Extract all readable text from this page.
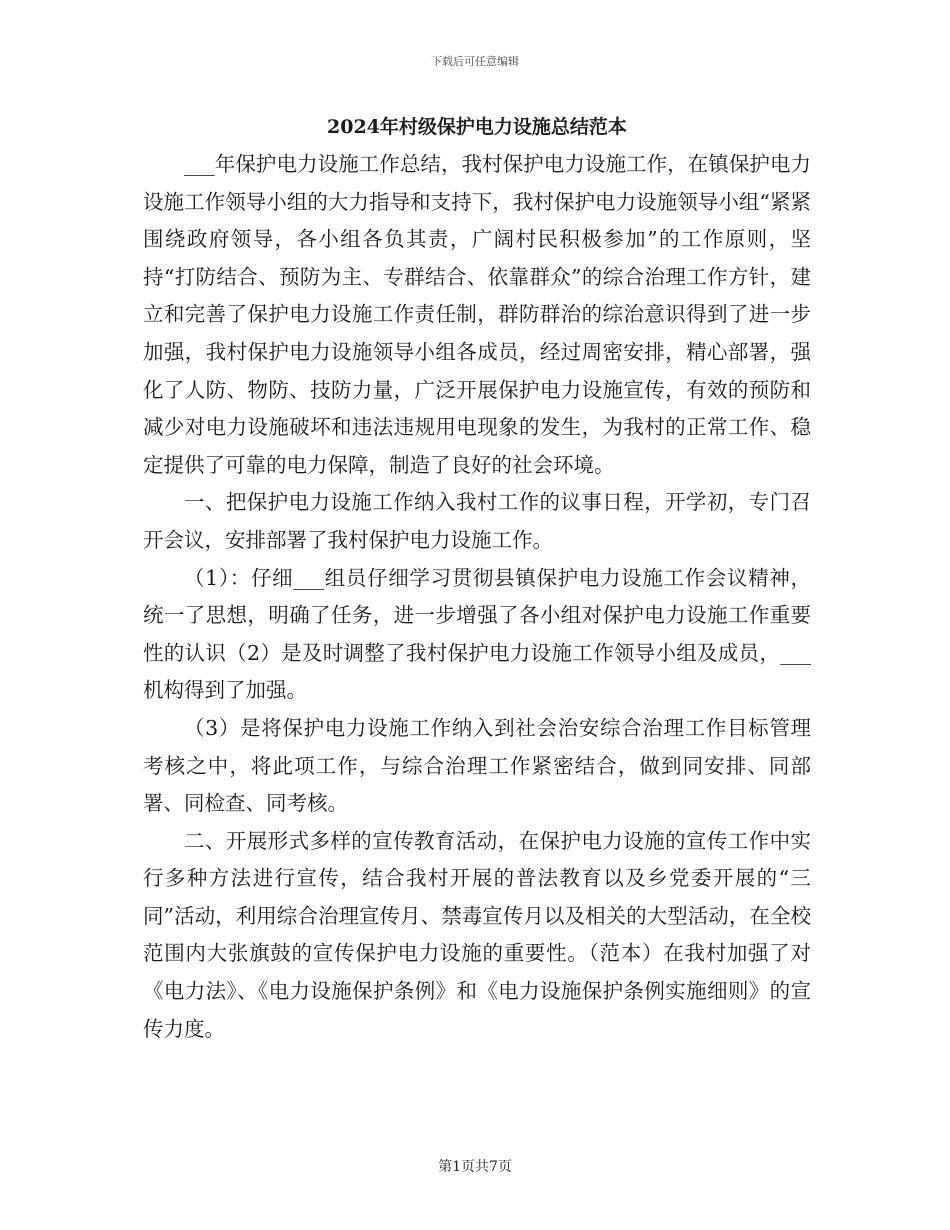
下载后可任意编辑
2024年村级保护电力设施总结范本

___年保护电力设施工作总结，我村保护电力设施工作，在镇保护电力设施工作领导小组的大力指导和支持下，我村保护电力设施领导小组“紧紧围绕政府领导，各小组各负其责，广阔村民积极参加”的工作原则，坚持“打防结合、预防为主、专群结合、依靠群众”的综合治理工作方针，建立和完善了保护电力设施工作责任制，群防群治的综治意识得到了进一步加强，我村保护电力设施领导小组各成员，经过周密安排，精心部署，强化了人防、物防、技防力量，广泛开展保护电力设施宣传，有效的预防和减少对电力设施破坏和违法违规用电现象的发生，为我村的正常工作、稳定提供了可靠的电力保障，制造了良好的社会环境。

一、把保护电力设施工作纳入我村工作的议事日程，开学初，专门召开会议，安排部署了我村保护电力设施工作。

（1）：仔细___组员仔细学习贯彻县镇保护电力设施工作会议精神，统一了思想，明确了任务，进一步增强了各小组对保护电力设施工作重要性的认识（2）是及时调整了我村保护电力设施工作领导小组及成员，___机构得到了加强。

（3）是将保护电力设施工作纳入到社会治安综合治理工作目标管理考核之中，将此项工作，与综合治理工作紧密结合，做到同安排、同部署、同检查、同考核。

二、开展形式多样的宣传教育活动，在保护电力设施的宣传工作中实行多种方法进行宣传，结合我村开展的普法教育以及乡党委开展的“三同”活动，利用综合治理宣传月、禁毒宣传月以及相关的大型活动，在全校范围内大张旗鼓的宣传保护电力设施的重要性。（范本）在我村加强了对《电力法》、《电力设施保护条例》和《电力设施保护条例实施细则》的宣传力度。

第1页共7页
